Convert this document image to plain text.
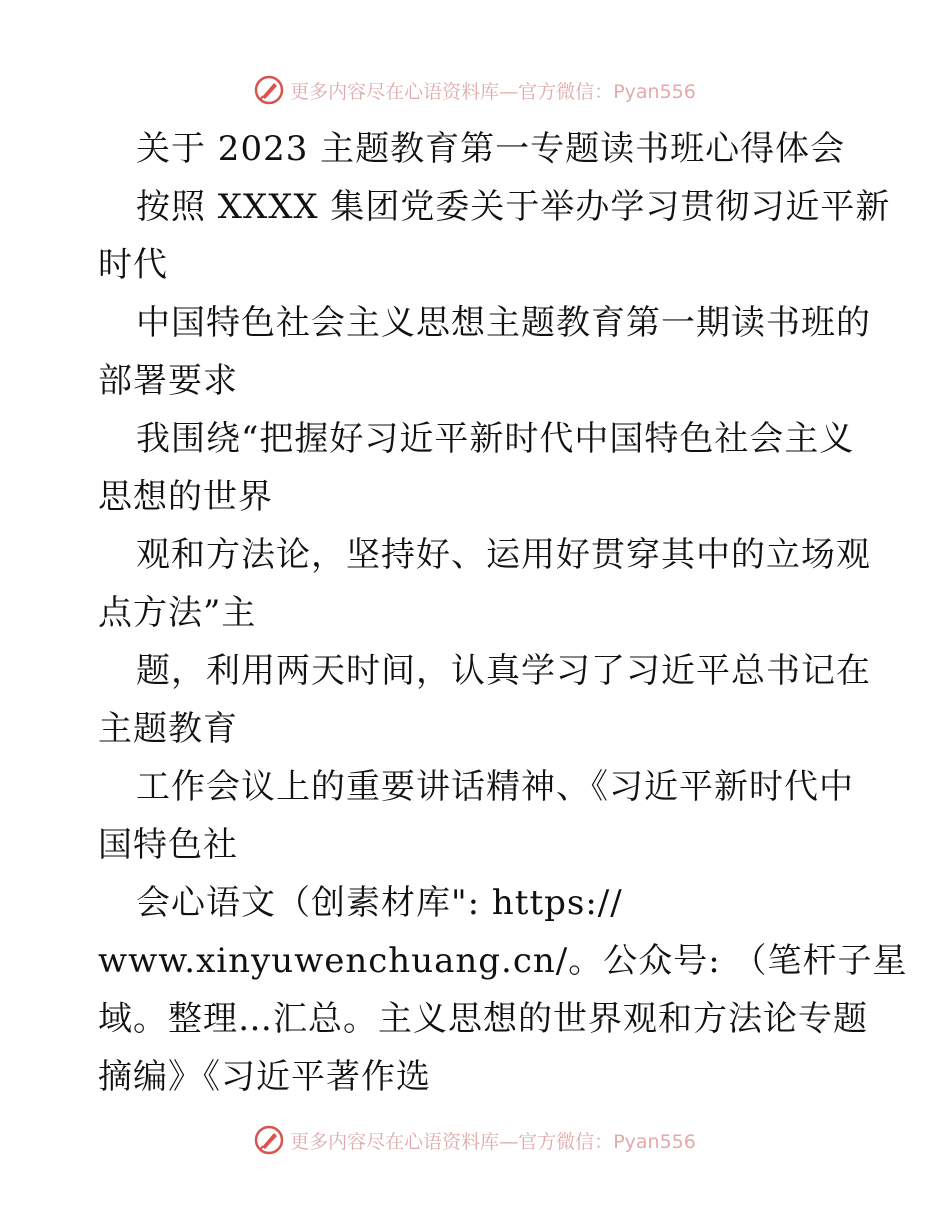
更多内容尽在心语资料库—官方微信：Pyan556
关于 2023 主题教育第一专题读书班心得体会
按照 XXXX 集团党委关于举办学习贯彻习近平新
时代
中国特色社会主义思想主题教育第一期读书班的
部署要求
我围绕“把握好习近平新时代中国特色社会主义
思想的世界
观和方法论，坚持好、运用好贯穿其中的立场观
点方法”主
题，利用两天时间，认真学习了习近平总书记在
主题教育
工作会议上的重要讲话精神、《习近平新时代中
国特色社
会心语文（创素材库": https://
www.xinyuwenchuang.cn/。公众号: （笔杆子星
域。整理…汇总。主义思想的世界观和方法论专题
摘编》《习近平著作选
更多内容尽在心语资料库—官方微信：Pyan556
